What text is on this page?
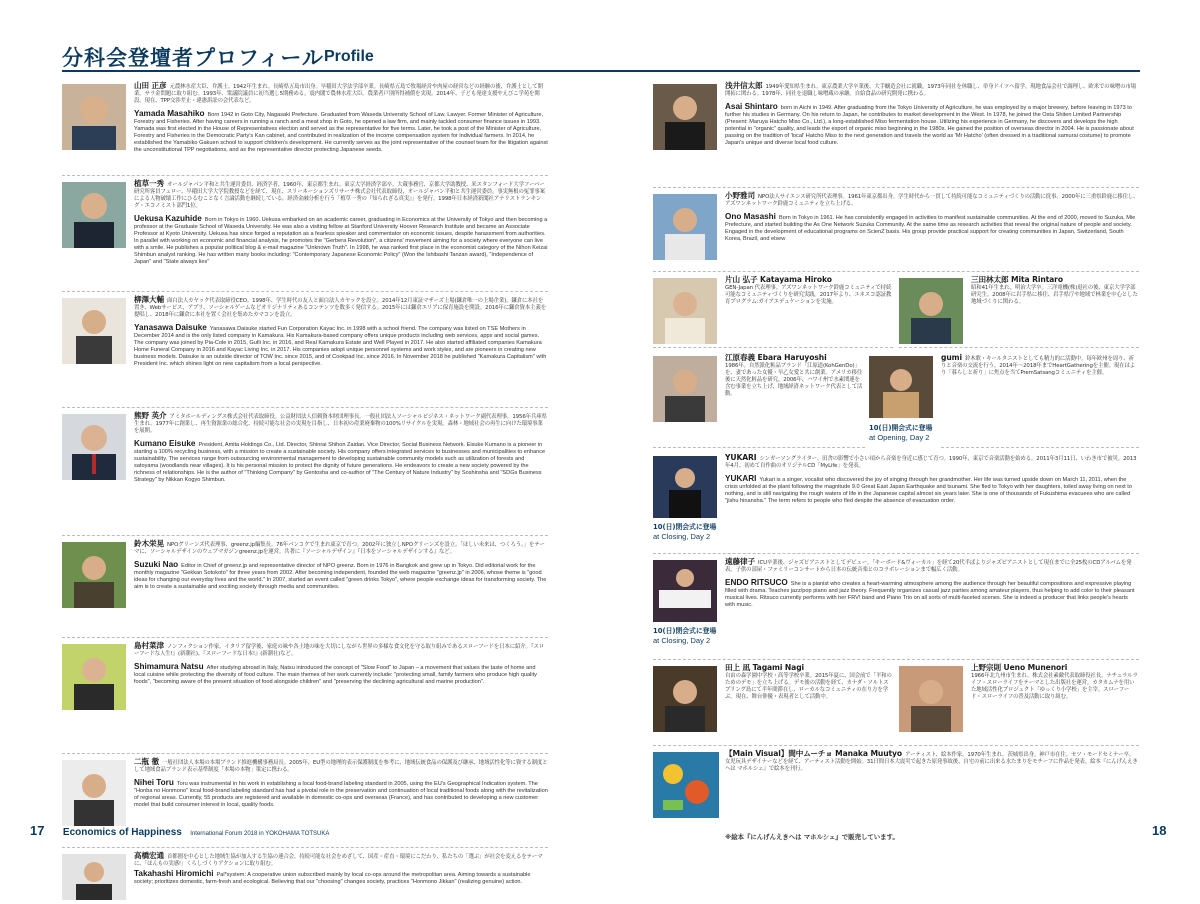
分科会登壇者プロフィール Profile
山田 正彦 元農林水産大臣、弁護士。1942年生まれ。長崎県五島市出身。早稲田大学法学部卒業。長崎県五島で牧場経営や肉屋の経営などの経験の後、弁護士として開業。サラ金問題に取り組む。1993年、衆議院議員に初当選し5期務める。震内閣で農林水産大臣。農業者戸別所得補償を実現。2014年、子ども発達支援やえびこ学苑を開設。現在、TPP交渉差止・違憲訴訟の会代表など。
Yamada Masahiko Born 1942 in Goto City, Nagasaki Prefecture. Graduated from Waseda University School of Law. Lawyer. Former Minister of Agriculture, Forestry and Fisheries. After having careers in running a ranch and a meat shop in Goto, he opened a law firm, and mainly tackled consumer finance issues in 1993. Yamada was first elected in the House of Representatives election and served as the representative for five terms. Later, he took a post of the Minister of Agriculture, Forestry and Fisheries in the Democratic Party's Kan cabinet, and contributed in realization of the income compensation system for individual farmers. In 2014, he established the Yamabiko Gakuen school to support children's development. He currently serves as the joint representative of the counsel team for the litigation against the unconstitutional TPP negotiations, and as the representative director protecting Japanese seeds.
植草一秀 オールジャパン平和と共生運営委員、経済学者。1960年、東京都生まれ。東京大学経済学部卒。大蔵事務官、京都大学助教授、米スタンフォード大学フーバー研究所客員フェロー、早稲田大学大学院教授などを経て、現在、スリーネーションズリサーチ株式会社代表取締役、オールジャパン平和と共生運営委員。事実無根の冤罪事案による人物破壊工作にひるむことなく言論活動を継続している。経済金融分析を行う「植草一秀の『知られざる真実』」を発行。1998年日本経済新聞社アナリストランキング・エコノミスト部門1位。
Uekusa Kazuhide Born in Tokyo in 1960. Uekusa embarked on an academic career, graduating in Economics at the University of Tokyo and then becoming a professor at the Graduate School of Waseda University. He was also a visiting fellow at Stanford University Hoover Research Institute and became an Associate Professor at Kyoto University. Uekusa has since forged a reputation as a fearless speaker and commentator on economic issues, despite harassment from authorities. In parallel with working on economic and financial analysis, he promotes the "Gerbera Revolution", a citizens' movement aiming for a society where everyone can live with a smile. He publishes a popular political blog & e-mail magazine "Unknown Truth". In 1998, he was ranked first place in the economist category of the Nihon Keizai Shimbun analyst ranking. He has written many books including: "Contemporary Japanese Economic Policy" (Won the Ishibashi Tanzan award), "Independence of Japan" and "State always lies"
柳澤大輔 面白法人カヤック代表取締役CEO。1998年、学生時代の友人と面白法人カヤックを設立。2014年12月東証マザーズ上場(鎌倉唯一の上場企業)。鎌倉に本社を置き、Webサービス、アプリ、ソーシャルゲームなどオリジナリティあるコンテンツを数多く発信する。2015年には鎌倉エリアに保育施設を開設。2016年に鎌倉資本主義を提唱し、2018年に鎌倉に本社を置く会社を集めたカマコンを設立。
Yanasawa Daisuke Yanasawa Daisuke started Fun Corporation Kayac Inc. in 1998 with a school friend. The company was listed on TSE Mothers in December 2014 and is the only listed company in Kamakura. His Kamakura-based company offers unique products including web services, apps and social games. The company was joined by Pia-Cole in 2015, Gufii Inc. in 2016, and Real Kamakura Estate and Well Played in 2017. He also started affiliated companies Kamakura Home Funeral Company in 2016 and Kayac Living Inc. in 2017. His companies adopt unique personnel systems and work styles, and are pioneers in creating new business models. Daisuke is an outside director of TOW Inc. since 2015, and of Cookpad Inc. since 2016. In November 2018 he published "Kamakura Capitalism" with President Inc. which shines light on new capitalism from a local perspective.
熊野 英介 アミタホールディングス株式会社代表取締役。公益財団法人信頼資本財団理事長。一般社団法人ソーシャルビジネス・ネットワーク副代表理事。1956年兵庫県生まれ。1977年に創業し、再生資源業の総合化、持続可能な社会の実現を目指し、日本初の産業廃棄物の100%リサイクルを実現。森林・地域社会の再生に向けた環境事業を展開。
Kumano Eisuke President, Amita Holdings Co., Ltd. Director, Shinrai Shihon Zaidan. Vice Director, Social Business Network. Eisuke Kumano is a pioneer in starting a 100% recycling business, with a mission to create a sustainable society. His company offers integrated services to businesses and municipalities to enhance sustainability. The services range from outsourcing environmental management to developing sustainable community models such as utilization of forests and satoyama (woodlands near villages). It is his personal mission to protect the dignity of future generations. He endeavors to create a new society powered by the richness of relationships. He is the author of "Thinking Company" by Gentosha and co-author of "The Century of Nature Industry" by Soshinsha and "SDGs Business Strategy" by Nikkan Kogyo Shimbun.
鈴木栄晃 NPOグリーンズ代表理事、greenz.jp編集長。76年バンコクで生まれ東京で育つ。2002年に独立しNPOグリーンズを設立。「ほしい未来は、つくろう。」をテーマに、ソーシャルデザインのウェブマガジンgreenz.jpを運営。共著に『ソーシャルデザイン』『日本をソーシャルデザインする』など。
Suzuki Nao Editor in Chief of greenz.jp and representative director of NPO greenz. Born in 1976 in Bangkok and grew up in Tokyo. Did editorial work for the monthly magazine "Gekkan Sotokoto" for three years from 2002. After becoming independent, founded the web magazine "greenz.jp" in 2006, whose theme is "good ideas for changing our everyday lives and the world." In 2007, started an event called "green drinks Tokyo", where people exchange ideas for transforming society. The aim is to create a sustainable and exciting society through media and communities.
島村菜津 ノンフィクション作家。イタリア留学後、家庭の味や各土地の味を大切にしながら世界の多様な食文化を守る取り組みであるスローフードを日本に紹介。『スローフードな人生!』(新潮社)、『スローフードな日本!』(新潮社)など。
Shimamura Natsu After studying abroad in Italy, Natsu introduced the concept of "Slow Food" to Japan – a movement that values the taste of home and local cuisine while protecting the diversity of food culture. The main themes of her work currently include: "protecting small, family farmers who produce high quality foods", "becoming aware of the present situation of food alongside children" and "preserving the declining agricultural and marine production".
二瓶 徹 一般社団法人本場の本場ブランド推進機構事務局長。2005年、EU型の地理的表示保護制度を参考に、地域伝統食品の保護及び継承、地域活性化等に資する制度として地域食品ブランド表示基準制度「本場の本物」策定に携わる。
Nihei Toru Toru was instrumental in his work in establishing a local food-brand labeling standard in 2005, using the EU's Geographical Indication system. The "Honba no Honmono" local food-brand labeling standard has had a pivotal role in the preservation and continuation of local traditional foods along with the revitalization of regional areas. Currently, 55 products are registered and available in domestic co-ops and overseas (France), and has contributed to developing a new customer model that build consumer interest in local, quality foods.
高橋宏通 首都圏を中心とした地域生協が加入する生協の連合会。持続可能な社会をめざして、国産・産直・環境にこだわり、私たちの「選ぶ」が社会を変えるをテーマに、「ほんもの実感!」くらしづくりアクションに取り組む。
Takahashi Hiromichi Pal*system: A cooperative union subscribed mainly by local co-ops around the metropolitan area. Aiming towards a sustainable society; prioritizes domestic, farm-fresh and ecological. Believing that our "choosing" changes society, practices "Honmono Jikkan" (realizing genuine) action.
浅井信太郎 1949年愛知県生まれ。東京農業大学卒業後、大手醸造会社に就職。1973年同社を休職し、単身ドイツへ留学。現地食品会社で調理し、欧米での味噌の市場開拓に関わる。1978年、同社を退職し味噌蔵の承継。自給食品の研究開発に携わる。
Asai Shintaro born in Aichi in 1949. After graduating from the Tokyo University of Agriculture, he was employed by a major brewery, before leaving in 1973 to further his studies in Germany. On his return to Japan, he contributes to market development in the West. In 1978, he joined the Osta Shiten Limited Partnership (Present: Maruya Hatcho Miso Co., Ltd.), a long-established Miso fermentation house. Utilizing his experience in Germany, he discovers and develops the high potential in "organic" quality, and leads the export of organic miso beginning in the 1980s. He gained the position of overseas director in 2004. He is passionate about passing on the tradition of 'local' Hatcho Miso to the next generation and travels the world as 'Mr Hatcho' (often dressed in a traditional samurai costume) to promote Japan's unique and diverse local food culture.
小野雅司 NPO法人サイエンス研究所代表理事。1961年東京都出身。学生時代から一貫して持続可能なコミュニティづくりの活動に従事。2000年に三重県鈴鹿に移住し、アズワンネットワーク鈴鹿コミュニティを立ち上げる。
Ono Masashi Born in Tokyo in 1961. He has consistently engaged in activities to manifest sustainable communities. At the end of 2000, moved to Suzuka, Mie Prefecture, and started building the As One Network Suzuka Community. At the same time as research activities that reveal the original nature of people and society. Engaged in the development of educational programs on ScienZ basis. His group provide practical support for creating communities in Japan, Switzerland, South Korea, Brazil, and elsew
片山 弘子 Katayama Hiroko
GEN-Japan 代表理事。アズワンネットワーク鈴鹿コミュニティで持続可能なコミュニティづくりを研究実践。2017年より、ユネスコ認証教育プログラム:ガイアエデュケーションを実施。
三田林太郎 Mita Rintaro
昭和41年生まれ。明治大学卒。三洋電機(株)退社の後、東京大学学部研究生。2008年に岩手県に移住、岩手県庁や地域で林業を中心とした地域づくりに関わる。
江原春義 Ebara Haruyoshi
1986年。自然派化粧品ブランド「江原道(KohGenDo)」を、妻であった女優・早乙女愛と共に創業。アメリカ移住後に天然化粧品を研究。2006年、ハワイ州で水素関連を含む事業を立ち上げ、地域経済ネットワーク代表として活動。
10(日)開会式に登場
at Opening, Day 2
gumi 鈴木歌・キールタニストとしても精力的に活動中。毎年欧州を周り、祈りと音楽の交流を行う。2014年〜2018年までHeartGatheringを主催。現在はより「暮らしと祈り」に焦点を当てPremSatsangコミュニティを主催。
10(日)閉会式に登場
at Closing, Day 2
YUKARI シンガーソングライター。田舎の影響で小さい頃から音楽を身近に感じて育つ。1990年、東京で音楽活動を始める。2011年3月11日、いわき市で被災。2013年4月、初めて自作曲のオリジナルCD「MyLife」を発表。
YUKARI Yukari is a singer, vocalist who discovered the joy of singing through her grandmother. Her life was turned upside down on March 11, 2011, when the crisis unfolded at the plant following the magnitude 9.0 Great East Japan Earthquake and tsunami. She fled to Tokyo with her daughters, toiled away living on next to nothing, and is still navigating the rough waters of life in the Japanese capital almost six years later. She is one of thousands of Fukushima evacuees who are called "jishu hinansha." The term refers to people who fled despite the absence of evacuation order.
10(日)閉会式に登場
at Closing, Day 2
遠藤律子 ICU卒業後、ジャズピアニストとしてデビュー。「キーボード&ヴォーカル」を経て20代半ばよりジャズピアニストとして現在までに全25枚のCDアルバムを発表。子供の部屋・ファミリーコンサートから日本の伝統音楽とのコラボレーションまで幅広く活動。
ENDO RITSUCO She is a pianist who creates a heart-warming atmosphere among the audience through her beautiful compositions and expressive playing filled with drama. Teaches jazz/pop piano and jazz theory. Frequently organizes casual jazz parties among amateur players, thus helping to add color to their pleasant musical lives. Ritsuco currently performs with her FRV! band and Piano Trio on all sorts of multi-faceted scenes. She is indeed a producer that links people's hearts with music.
田上 凪 Tagami Nagi
自由の森学園中学校・高等学校卒業。2015年夏に、国会前で「平和のためのデモ」を立ち上げる。デモ後の活動を経て、カナダ・ソルトスプリング島にて半年間滞在し、ローカルなコミュニティの在り方を学ぶ。現在、舞台俳優・表現者として活動中。
上野宗則 Ueno Munenori
1966年北九州市生まれ。株式会社素敵代表取締役社長。ナチュラルライフ・スローライフをテーマとした出版社を運営。カタカムナを用いた地域活性化プロジェクト「ゆっくり小学校」を主宰。スローフード・スローライフの普及活動に取り組む。
【Main Visual】間中ムーチョ Manaka Muutyo アーティスト、絵本作家。1970年生まれ。茨城県出身。神戸市在住。セツ・モードセミナー卒。女児玩具デザイナーなどを経て、アーティスト活動を開始。31日間日本大震災で起きた原発事故後、自宅の前に出来る水たまりをモチーフに作品を発表。絵本『にんげんえきへは マホルシェ』で絵本を刊行。
※絵本『にんげんえきへは マホルシェ』で販売しています。
17 Economics of Happiness International Forum 2018 in YOKOHAMA TOTSUKA	18
